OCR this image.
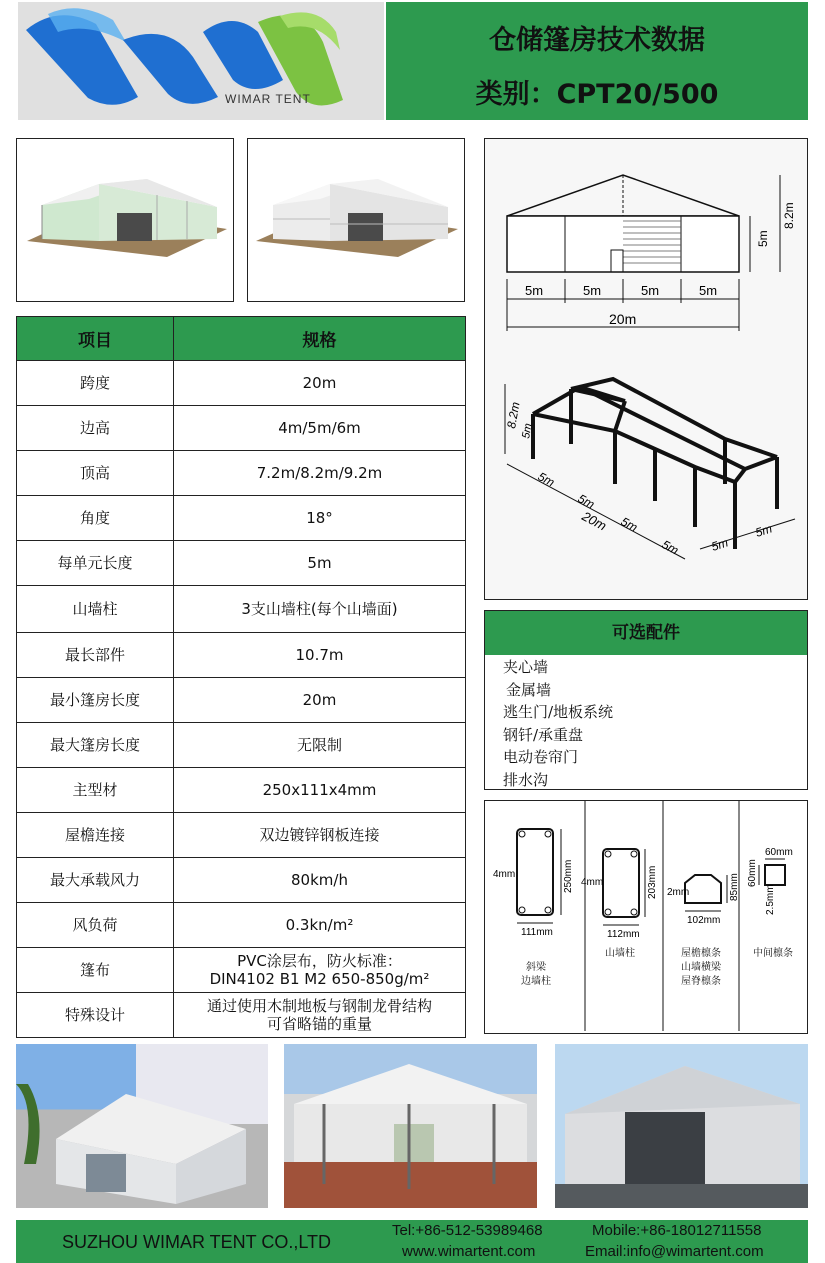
WIMAR TENT
仓储篷房技术数据
类别：CPT20/500
5m
8.2m
5m	5m	5m	5m
20m
8.2m
5m
5m
5m
5m
5m
20m
5m
5m
项目	规格
跨度	20m
边高	4m/5m/6m
顶高	7.2m/8.2m/9.2m
角度	18°
每单元长度	5m
山墙柱	3支山墙柱(每个山墙面)
最长部件	10.7m
最小篷房长度	20m
最大篷房长度	无限制
主型材	250x111x4mm
屋檐连接	双边镀锌钢板连接
最大承载风力	80km/h
风负荷	0.3kn/m²
篷布	PVC涂层布，防火标准：
DIN4102 B1 M2 650-850g/m²

特殊设计	通过使用木制地板与钢制龙骨结构
可省略锚的重量
可选配件
夹心墙
金属墙
逃生门/地板系统
钢钎/承重盘
电动卷帘门
排水沟
4mm	250mm
111mm
4mm	203mm
112mm
2mm	85mm
102mm
60mm
60mm
2.5mm
斜梁
边墙柱
山墙柱	屋檐檩条
山墙横梁
屋脊檩条
中间檩条
SUZHOU WIMAR TENT CO.,LTD
Tel:+86-512-53989468
www.wimartent.com
Mobile:+86-18012711558
Email:info@wimartent.com
